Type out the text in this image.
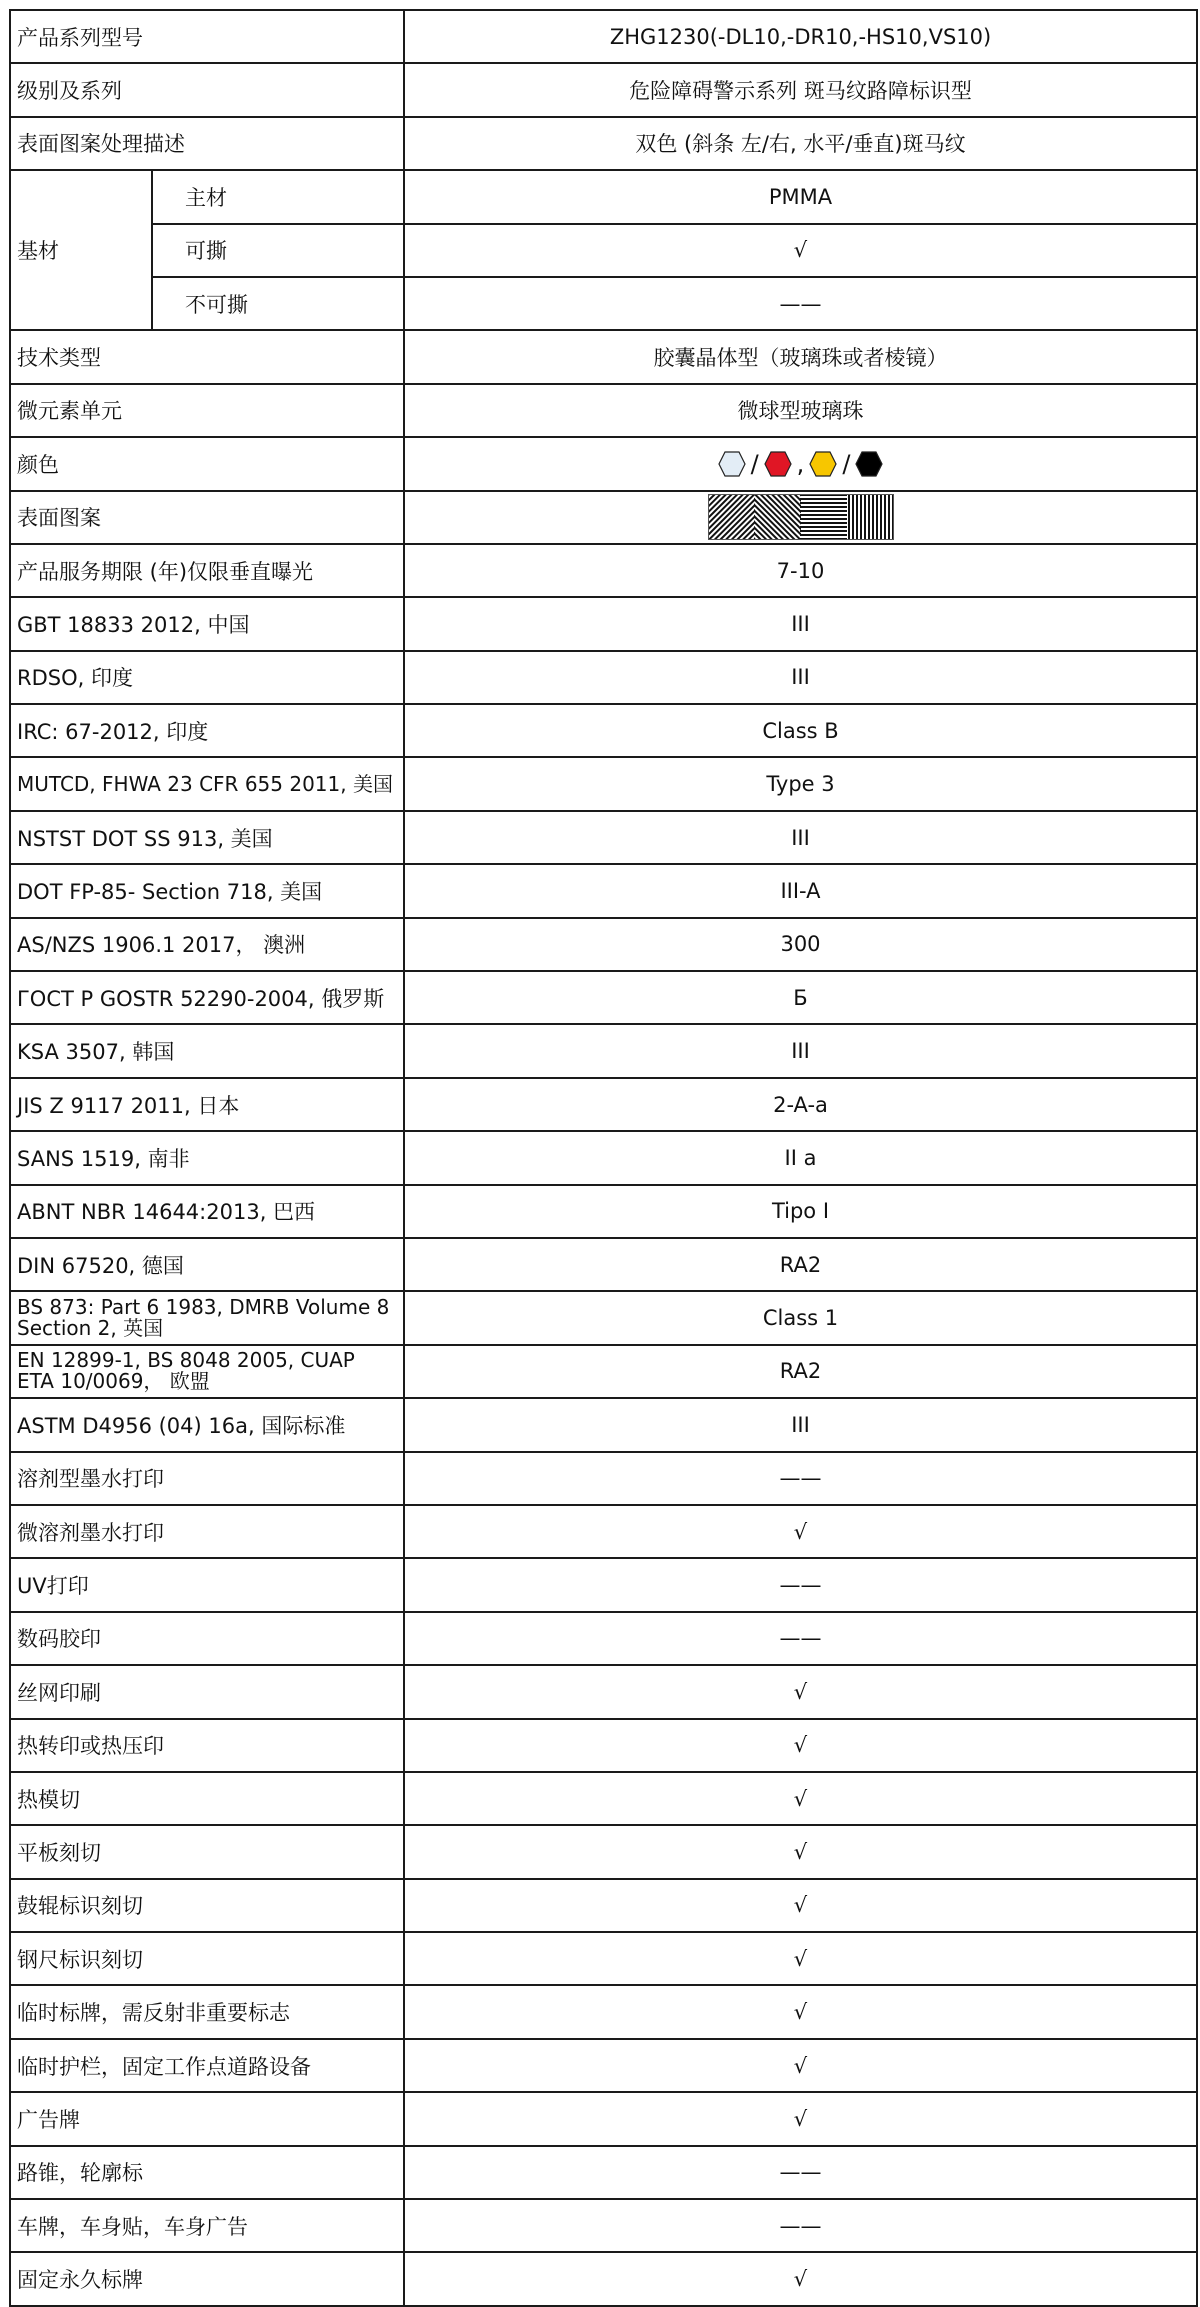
产品系列型号		ZHG1230(-DL10,-DR10,-HS10,VS10)
级别及系列		危险障碍警示系列 斑马纹路障标识型
表面图案处理描述		双色 (斜条 左/右, 水平/垂直)斑马纹
基材	主材	PMMA
	可撕	√
	不可撕	——
技术类型		胶囊晶体型（玻璃珠或者棱镜）
微元素单元		微球型玻璃珠
颜色		/ , /
表面图案	
产品服务期限 (年)仅限垂直曝光		7-10
GBT 18833 2012, 中国		III
RDSO, 印度		III
IRC: 67-2012, 印度		Class B
MUTCD, FHWA 23 CFR 655 2011, 美国		Type 3
NSTST DOT SS 913, 美国		III
DOT FP-85- Section 718, 美国		III-A
AS/NZS 1906.1 2017， 澳洲		300
ГОСТ Р GOSTR 52290-2004, 俄罗斯		Б
KSA 3507, 韩国		III
JIS Z 9117 2011, 日本		2-A-a
SANS 1519, 南非		II a
ABNT NBR 14644:2013, 巴西		Tipo I
DIN 67520, 德国		RA2
BS 873: Part 6 1983, DMRB Volume 8 Section 2, 英国		Class 1
EN 12899-1, BS 8048 2005, CUAP ETA 10/0069， 欧盟		RA2
ASTM D4956 (04) 16a, 国际标准		III
溶剂型墨水打印		——
微溶剂墨水打印		√
UV打印		——
数码胶印		——
丝网印刷		√
热转印或热压印		√
热模切		√
平板刻切		√
鼓辊标识刻切		√
钢尺标识刻切		√
临时标牌，需反射非重要标志		√
临时护栏，固定工作点道路设备		√
广告牌		√
路锥，轮廓标		——
车牌，车身贴，车身广告		——
固定永久标牌		√
